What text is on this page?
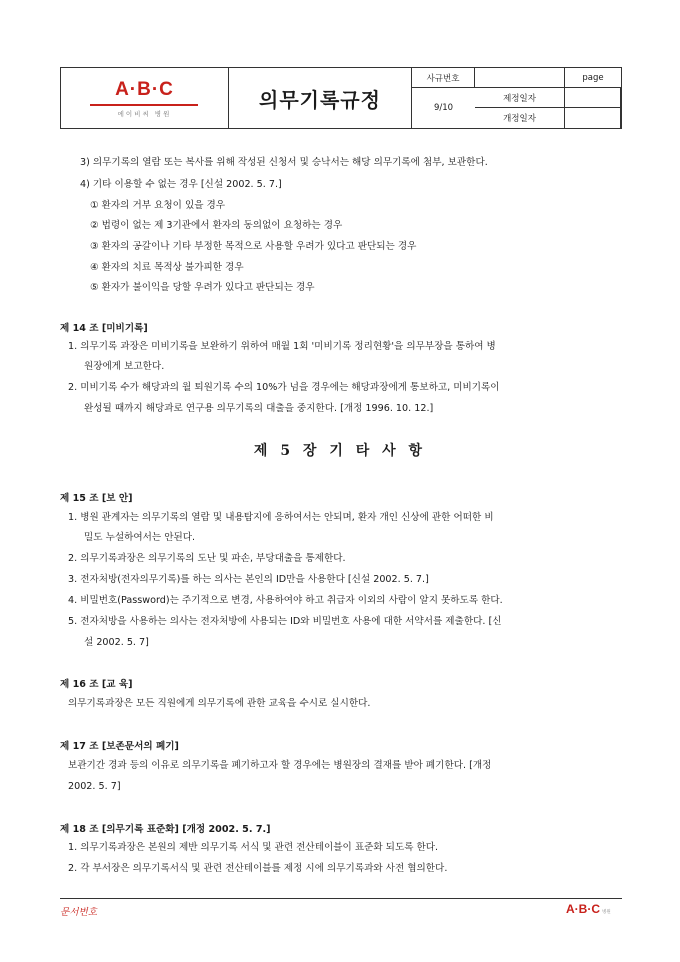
A·B·C
에이비씨 병원
의무기록규정
사규번호	page
제정일자
9/10
개정일자
3) 의무기록의 열람 또는 복사를 위해 작성된 신청서 및 승낙서는 해당 의무기록에 첨부, 보관한다.
4) 기타 이용할 수 없는 경우 [신설 2002. 5. 7.]
① 환자의 거부 요청이 있을 경우
② 법령이 없는 제 3기관에서 환자의 동의없이 요청하는 경우
③ 환자의 공갈이나 기타 부정한 목적으로 사용할 우려가 있다고 판단되는 경우
④ 환자의 치료 목적상 불가피한 경우
⑤ 환자가 불이익을 당할 우려가 있다고 판단되는 경우
제 14 조 [미비기록]
1. 의무기록 과장은 미비기록을 보완하기 위하여 매월 1회 '미비기록 정리현황'을 의무부장을 통하여 병
원장에게 보고한다.
2. 미비기록 수가 해당과의 월 퇴원기록 수의 10%가 넘을 경우에는 해당과장에게 통보하고, 미비기록이
완성될 때까지 해당과로 연구용 의무기록의 대출을 중지한다. [개정 1996. 10. 12.]
제 5 장 기 타 사 항
제 15 조 [보 안]
1. 병원 관계자는 의무기록의 열람 및 내용탐지에 응하여서는 안되며, 환자 개인 신상에 관한 어떠한 비
밀도 누설하여서는 안된다.
2. 의무기록과장은 의무기록의 도난 및 파손, 부당대출을 통제한다.
3. 전자처방(전자의무기록)를 하는 의사는 본인의 ID만을 사용한다 [신설 2002. 5. 7.]
4. 비밀번호(Password)는 주기적으로 변경, 사용하여야 하고 취급자 이외의 사람이 알지 못하도록 한다.
5. 전자처방을 사용하는 의사는 전자처방에 사용되는 ID와 비밀번호 사용에 대한 서약서를 제출한다. [신
설 2002. 5. 7]
제 16 조 [교 육]
의무기록과장은 모든 직원에게 의무기록에 관한 교육을 수시로 실시한다.
제 17 조 [보존문서의 폐기]
보관기간 경과 등의 이유로 의무기록을 폐기하고자 할 경우에는 병원장의 결재를 받아 폐기한다. [개정
2002. 5. 7]
제 18 조 [의무기록 표준화] [개정 2002. 5. 7.]
1. 의무기록과장은 본원의 제반 의무기록 서식 및 관련 전산테이블이 표준화 되도록 한다.
2. 각 부서장은 의무기록서식 및 관련 전산테이블를 제정 시에 의무기록과와 사전 협의한다.
문서번호	A·B·C 병원
